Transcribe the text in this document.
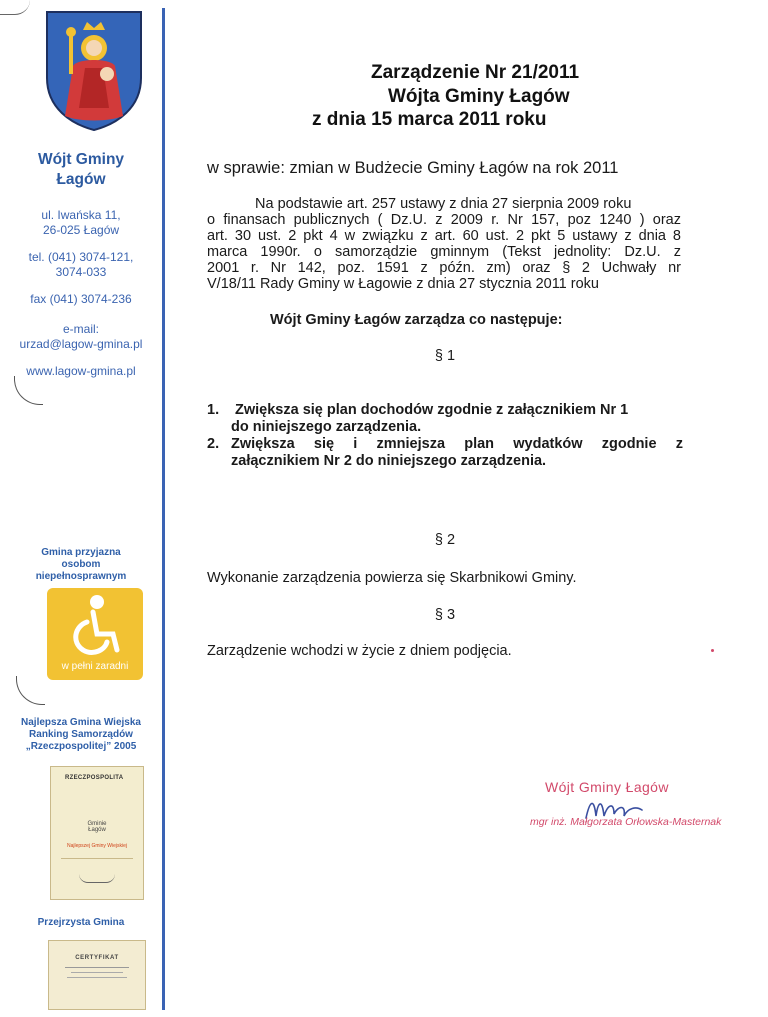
Wójt Gminy Łagów
ul. Iwańska 11,
26-025 Łagów
tel. (041) 3074-121,
3074-033
fax (041) 3074-236
e-mail:
urzad@lagow-gmina.pl
www.lagow-gmina.pl
Gmina przyjazna osobom niepełnosprawnym
w pełni zaradni
Najlepsza Gmina Wiejska Ranking Samorządów „Rzeczpospolitej” 2005
RZECZPOSPOLITA
Gminie
Łagów
Najlepszej Gminy Wiejskiej
Przejrzysta Gmina
CERTYFIKAT
Zarządzenie Nr 21/2011
Wójta Gminy Łagów
z dnia 15 marca 2011 roku
w sprawie: zmian w Budżecie Gminy Łagów na rok 2011
Na podstawie art. 257 ustawy z dnia 27 sierpnia 2009 roku
o finansach publicznych ( Dz.U. z 2009 r. Nr 157, poz 1240 ) oraz
art. 30 ust. 2 pkt 4 w związku z art. 60 ust. 2 pkt 5 ustawy z dnia 8
marca 1990r. o samorządzie gminnym (Tekst jednolity: Dz.U. z
2001 r. Nr 142, poz. 1591 z późn. zm) oraz § 2 Uchwały nr
V/18/11 Rady Gminy w Łagowie z dnia 27 stycznia 2011 roku
Wójt Gminy Łagów zarządza co następuje:
§ 1
1. Zwiększa się plan dochodów zgodnie z załącznikiem Nr 1
do niniejszego zarządzenia.
2. Zwiększa się i zmniejsza plan wydatków zgodnie z
załącznikiem Nr 2 do niniejszego zarządzenia.
§ 2
Wykonanie zarządzenia powierza się Skarbnikowi Gminy.
§ 3
Zarządzenie wchodzi w życie z dniem podjęcia.
Wójt Gminy Łagów
mgr inż. Małgorzata Orłowska-Masternak
